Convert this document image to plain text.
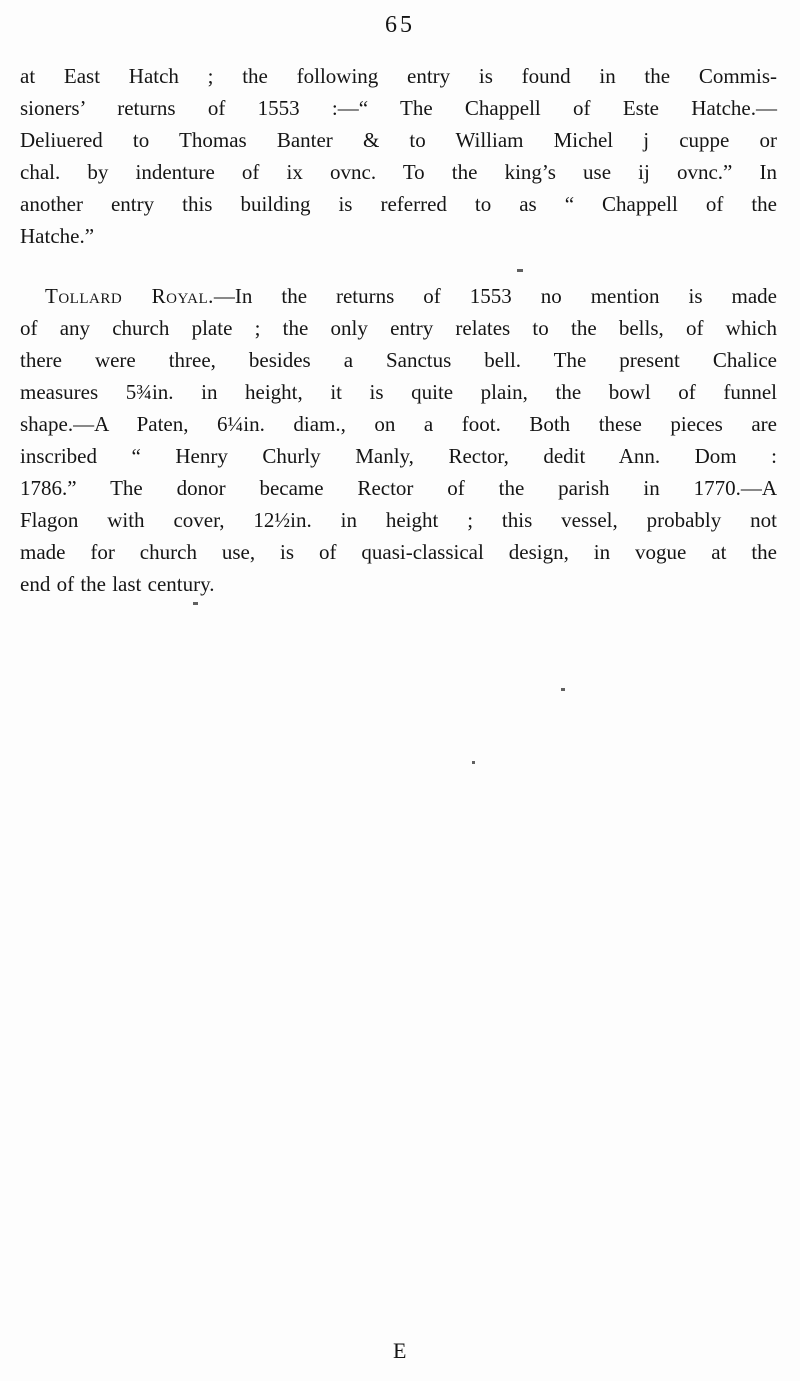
65

at East Hatch ; the following entry is found in the Commis-
sioners’ returns of 1553 :—“ The Chappell of Este Hatche.—
Deliuered to Thomas Banter & to William Michel j cuppe or
chal. by indenture of ix ovnc. To the king’s use ij ovnc.” In
another entry this building is referred to as “ Chappell of the
Hatche.”

Tollard Royal.—In the returns of 1553 no mention is made
of any church plate ; the only entry relates to the bells, of which
there were three, besides a Sanctus bell. The present Chalice
measures 5¾in. in height, it is quite plain, the bowl of funnel
shape.—A Paten, 6¼in. diam., on a foot. Both these pieces are
inscribed “ Henry Churly Manly, Rector, dedit Ann. Dom :
1786.” The donor became Rector of the parish in 1770.—A
Flagon with cover, 12½in. in height ; this vessel, probably not
made for church use, is of quasi-classical design, in vogue at the
end of the last century.

E
